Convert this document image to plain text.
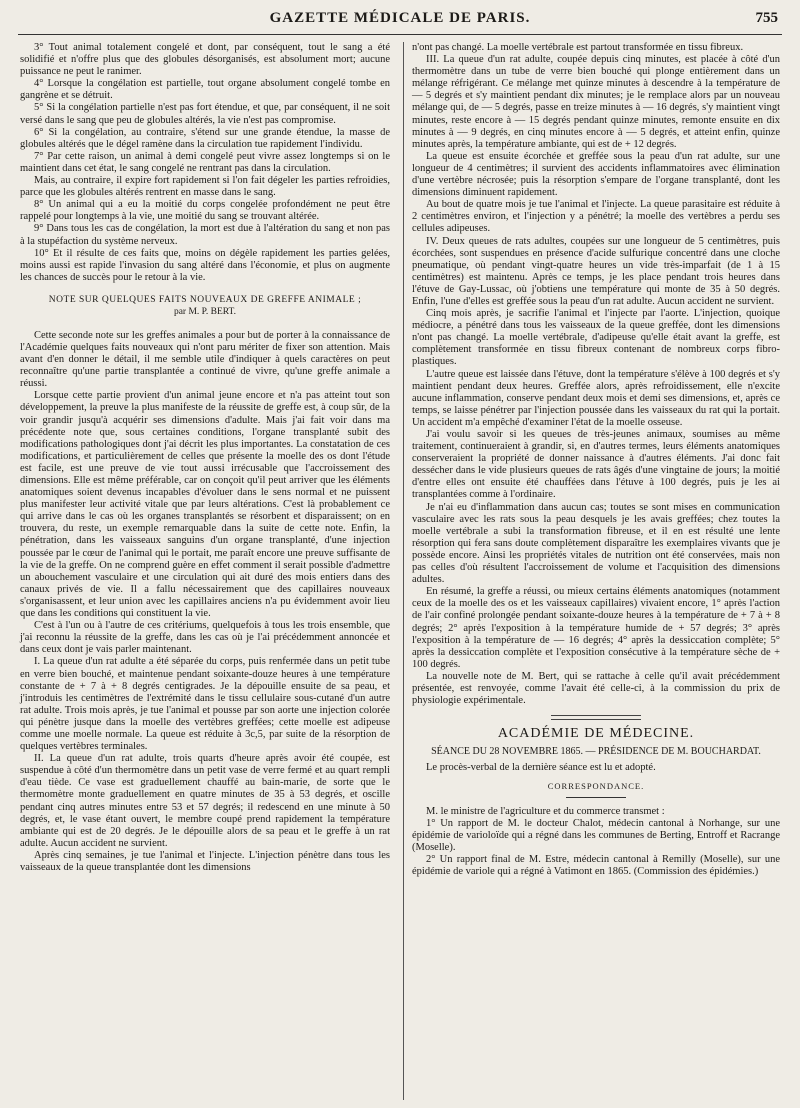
GAZETTE MÉDICALE DE PARIS.	755

3° Tout animal totalement congelé et dont, par conséquent, tout le sang a été solidifié et n'offre plus que des globules désorganisés, est absolument mort; aucune puissance ne peut le ranimer.

4° Lorsque la congélation est partielle, tout organe absolument congelé tombe en gangrène et se détruit.

5° Si la congélation partielle n'est pas fort étendue, et que, par conséquent, il ne soit versé dans le sang que peu de globules altérés, la vie n'est pas compromise.

6° Si la congélation, au contraire, s'étend sur une grande étendue, la masse de globules altérés que le dégel ramène dans la circulation tue rapidement l'individu.

7° Par cette raison, un animal à demi congelé peut vivre assez longtemps si on le maintient dans cet état, le sang congelé ne rentrant pas dans la circulation.

Mais, au contraire, il expire fort rapidement si l'on fait dégeler les parties refroidies, parce que les globules altérés rentrent en masse dans le sang.

8° Un animal qui a eu la moitié du corps congelée profondément ne peut être rappelé pour longtemps à la vie, une moitié du sang se trouvant altérée.

9° Dans tous les cas de congélation, la mort est due à l'altération du sang et non pas à la stupéfaction du système nerveux.

10° Et il résulte de ces faits que, moins on dégèle rapidement les parties gelées, moins aussi est rapide l'invasion du sang altéré dans l'économie, et plus on augmente les chances de succès pour le retour à la vie.

NOTE SUR QUELQUES FAITS NOUVEAUX DE GREFFE ANIMALE ;
par M. P. BERT.

Cette seconde note sur les greffes animales a pour but de porter à la connaissance de l'Académie quelques faits nouveaux qui n'ont paru mériter de fixer son attention. Mais avant d'en donner le détail, il me semble utile d'indiquer à quels caractères on peut reconnaître qu'une partie transplantée a continué de vivre, qu'une greffe animale a réussi.

Lorsque cette partie provient d'un animal jeune encore et n'a pas atteint tout son développement, la preuve la plus manifeste de la réussite de greffe est, à coup sûr, de la voir grandir jusqu'à acquérir ses dimensions d'adulte. Mais j'ai fait voir dans ma précédente note que, sous certaines conditions, l'organe transplanté subit des modifications pathologiques dont j'ai décrit les plus importantes. La constatation de ces modifications, et particulièrement de celles que présente la moelle des os dont l'étude est facile, est une preuve de vie tout aussi irrécusable que l'accroissement des dimensions. Elle est même préférable, car on conçoit qu'il peut arriver que les éléments anatomiques soient devenus incapables d'évoluer dans le sens normal et ne puissent plus manifester leur activité vitale que par leurs altérations. C'est là probablement ce qui arrive dans le cas où les organes transplantés se résorbent et disparaissent; on en trouvera, du reste, un exemple remarquable dans la suite de cette note. Enfin, la pénétration, dans les vaisseaux sanguins d'un organe transplanté, d'une injection poussée par le cœur de l'animal qui le portait, me paraît encore une preuve suffisante de la vie de la greffe. On ne comprend guère en effet comment il serait possible d'admettre un abouchement vasculaire et une circulation qui ait duré des mois entiers dans des canaux privés de vie. Il a fallu nécessairement que des capillaires nouveaux s'organisassent, et leur union avec les capillaires anciens n'a pu évidemment avoir lieu que dans les conditions qui constituent la vie.

C'est à l'un ou à l'autre de ces critériums, quelquefois à tous les trois ensemble, que j'ai reconnu la réussite de la greffe, dans les cas où je l'ai précédemment annoncée et dans ceux dont je vais parler maintenant.

I. La queue d'un rat adulte a été séparée du corps, puis renfermée dans un petit tube en verre bien bouché, et maintenue pendant soixante-douze heures à une température constante de + 7 à + 8 degrés centigrades. Je la dépouille ensuite de sa peau, et j'introduis les centimètres de l'extrémité dans le tissu cellulaire sous-cutané d'un autre rat adulte. Trois mois après, je tue l'animal et pousse par son aorte une injection colorée qui pénètre jusque dans la moelle des vertèbres greffées; cette moelle est adipeuse comme une moelle normale. La queue est réduite à 3c,5, par suite de la résorption de quelques vertèbres terminales.

II. La queue d'un rat adulte, trois quarts d'heure après avoir été coupée, est suspendue à côté d'un thermomètre dans un petit vase de verre fermé et au quart rempli d'eau tiède. Ce vase est graduellement chauffé au bain-marie, de sorte que le thermomètre monte graduellement en quatre minutes de 35 à 53 degrés, et oscille pendant cinq autres minutes entre 53 et 57 degrés; il redescend en une minute à 50 degrés, et, le vase étant ouvert, le membre coupé prend rapidement la température ambiante qui est de 20 degrés. Je le dépouille alors de sa peau et le greffe à un rat adulte. Aucun accident ne survient.

Après cinq semaines, je tue l'animal et l'injecte. L'injection pénètre dans tous les vaisseaux de la queue transplantée dont les dimensions

n'ont pas changé. La moelle vertébrale est partout transformée en tissu fibreux.

III. La queue d'un rat adulte, coupée depuis cinq minutes, est placée à côté d'un thermomètre dans un tube de verre bien bouché qui plonge entièrement dans un mélange réfrigérant. Ce mélange met quinze minutes à descendre à la température de — 5 degrés et s'y maintient pendant dix minutes; je le remplace alors par un nouveau mélange qui, de — 5 degrés, passe en treize minutes à — 16 degrés, s'y maintient vingt minutes, reste encore à — 15 degrés pendant quinze minutes, remonte ensuite en dix minutes à — 9 degrés, en cinq minutes encore à — 5 degrés, et atteint enfin, quinze minutes après, la température ambiante, qui est de + 12 degrés.

La queue est ensuite écorchée et greffée sous la peau d'un rat adulte, sur une longueur de 4 centimètres; il survient des accidents inflammatoires avec élimination d'une vertèbre nécrosée; puis la résorption s'empare de l'organe transplanté, dont les dimensions diminuent rapidement.

Au bout de quatre mois je tue l'animal et l'injecte. La queue parasitaire est réduite à 2 centimètres environ, et l'injection y a pénétré; la moelle des vertèbres a perdu ses cellules adipeuses.

IV. Deux queues de rats adultes, coupées sur une longueur de 5 centimètres, puis écorchées, sont suspendues en présence d'acide sulfurique concentré dans une cloche pneumatique, où pendant vingt-quatre heures un vide très-imparfait (de 1 à 15 centimètres) est maintenu. Après ce temps, je les place pendant trois heures dans l'étuve de Gay-Lussac, où j'obtiens une température qui monte de 35 à 50 degrés. Enfin, l'une d'elles est greffée sous la peau d'un rat adulte. Aucun accident ne survient.

Cinq mois après, je sacrifie l'animal et l'injecte par l'aorte. L'injection, quoique médiocre, a pénétré dans tous les vaisseaux de la queue greffée, dont les dimensions n'ont pas changé. La moelle vertébrale, d'adipeuse qu'elle était avant la greffe, est complètement transformée en tissu fibreux contenant de nombreux corps fibro-plastiques.

L'autre queue est laissée dans l'étuve, dont la température s'élève à 100 degrés et s'y maintient pendant deux heures. Greffée alors, après refroidissement, elle n'excite aucune inflammation, conserve pendant deux mois et demi ses dimensions, et, après ce temps, se laisse pénétrer par l'injection poussée dans les vaisseaux du rat qui la portait. Un accident m'a empêché d'examiner l'état de la moelle osseuse.

J'ai voulu savoir si les queues de très-jeunes animaux, soumises au même traitement, continueraient à grandir, si, en d'autres termes, leurs éléments anatomiques conserveraient la propriété de donner naissance à d'autres éléments. J'ai donc fait dessécher dans le vide plusieurs queues de rats âgés d'une vingtaine de jours; la moitié d'entre elles ont ensuite été chauffées dans l'étuve à 100 degrés, puis je les ai transplantées comme à l'ordinaire.

Je n'ai eu d'inflammation dans aucun cas; toutes se sont mises en communication vasculaire avec les rats sous la peau desquels je les avais greffées; chez toutes la moelle vertébrale a subi la transformation fibreuse, et il en est résulté une lente résorption qui fera sans doute complètement disparaître les exemplaires vivants que je possède encore. Ainsi les propriétés vitales de nutrition ont été conservées, mais non pas celles d'où résultent l'accroissement de volume et l'acquisition des dimensions adultes.

En résumé, la greffe a réussi, ou mieux certains éléments anatomiques (notamment ceux de la moelle des os et les vaisseaux capillaires) vivaient encore, 1° après l'action de l'air confiné prolongée pendant soixante-douze heures à la température de + 7 à + 8 degrés; 2° après l'exposition à la température humide de + 57 degrés; 3° après l'exposition à la température de — 16 degrés; 4° après la dessiccation complète; 5° après la dessiccation complète et l'exposition consécutive à la température sèche de + 100 degrés.

La nouvelle note de M. Bert, qui se rattache à celle qu'il avait précédemment présentée, est renvoyée, comme l'avait été celle-ci, à la commission du prix de physiologie expérimentale.

ACADÉMIE DE MÉDECINE.
SÉANCE DU 28 NOVEMBRE 1865. — PRÉSIDENCE DE M. BOUCHARDAT.

Le procès-verbal de la dernière séance est lu et adopté.

CORRESPONDANCE.

M. le ministre de l'agriculture et du commerce transmet :

1° Un rapport de M. le docteur Chalot, médecin cantonal à Norhange, sur une épidémie de varioloïde qui a régné dans les communes de Berting, Entroff et Racrange (Moselle).

2° Un rapport final de M. Estre, médecin cantonal à Remilly (Moselle), sur une épidémie de variole qui a régné à Vatimont en 1865. (Commission des épidémies.)
